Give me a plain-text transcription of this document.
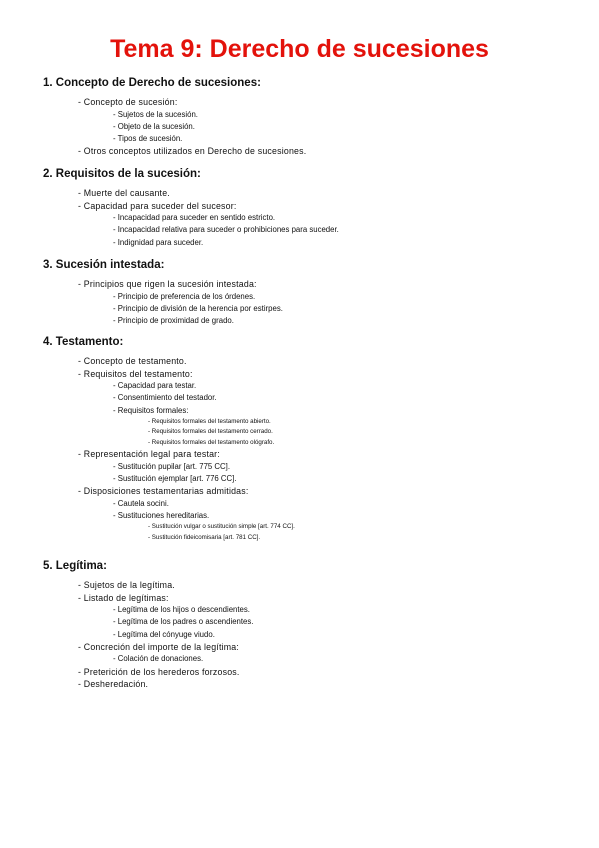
Tema 9: Derecho de sucesiones
1. Concepto de Derecho de sucesiones:
- Concepto de sucesión:
- Sujetos de la sucesión.
- Objeto de la sucesión.
- Tipos de sucesión.
- Otros conceptos utilizados en Derecho de sucesiones.
2. Requisitos de la sucesión:
- Muerte del causante.
- Capacidad para suceder del sucesor:
- Incapacidad para suceder en sentido estricto.
- Incapacidad relativa para suceder o prohibiciones para suceder.
- Indignidad para suceder.
3. Sucesión intestada:
- Principios que rigen la sucesión intestada:
- Principio de preferencia de los órdenes.
- Principio de división de la herencia por estirpes.
- Principio de proximidad de grado.
4. Testamento:
- Concepto de testamento.
- Requisitos del testamento:
- Capacidad para testar.
- Consentimiento del testador.
- Requisitos formales:
- Requisitos formales del testamento abierto.
- Requisitos formales del testamento cerrado.
- Requisitos formales del testamento ológrafo.
- Representación legal para testar:
- Sustitución pupilar [art. 775 CC].
- Sustitución ejemplar [art. 776 CC].
- Disposiciones testamentarias admitidas:
- Cautela socini.
- Sustituciones hereditarias.
- Sustitución vulgar o sustitución simple [art. 774 CC].
- Sustitución fideicomisaria [art. 781 CC].
5. Legítima:
- Sujetos de la legítima.
- Listado de legítimas:
- Legítima de los hijos o descendientes.
- Legítima de los padres o ascendientes.
- Legítima del cónyuge viudo.
- Concreción del importe de la legítima:
- Colación de donaciones.
- Preterición de los herederos forzosos.
- Desheredación.
